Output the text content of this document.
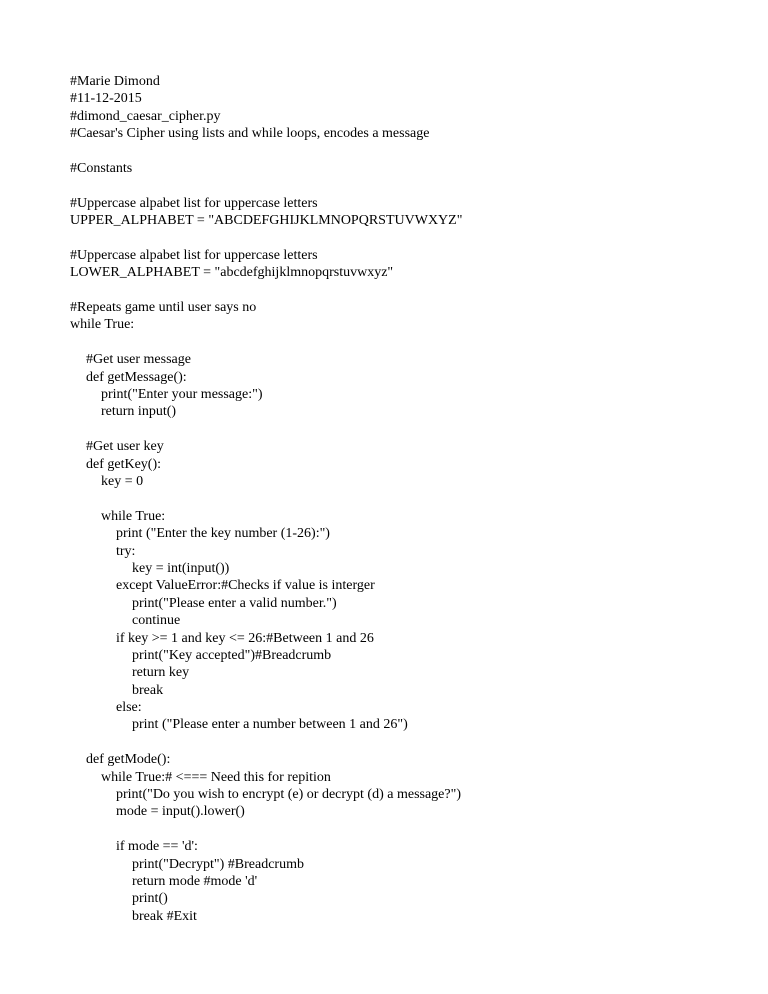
#Marie Dimond
#11-12-2015
#dimond_caesar_cipher.py
#Caesar's Cipher using lists and while loops, encodes a message
#Constants
#Uppercase alpabet list for uppercase letters
UPPER_ALPHABET = "ABCDEFGHIJKLMNOPQRSTUVWXYZ"
#Uppercase alpabet list for uppercase letters
LOWER_ALPHABET = "abcdefghijklmnopqrstuvwxyz"
#Repeats game until user says no
while True:
#Get user message
def getMessage():
print("Enter your message:")
return input()
#Get user key
def getKey():
key = 0
while True:
print ("Enter the key number (1-26):")
try:
key = int(input())
except ValueError:#Checks if value is interger
print("Please enter a valid number.")
continue
if key >= 1 and key <= 26:#Between 1 and 26
print("Key accepted")#Breadcrumb
return key
break
else:
print ("Please enter a number between 1 and 26")
def getMode():
while True:# <=== Need this for repition
print("Do you wish to encrypt (e) or decrypt (d) a message?")
mode = input().lower()
if mode == 'd':
print("Decrypt") #Breadcrumb
return mode #mode 'd'
print()
break #Exit
